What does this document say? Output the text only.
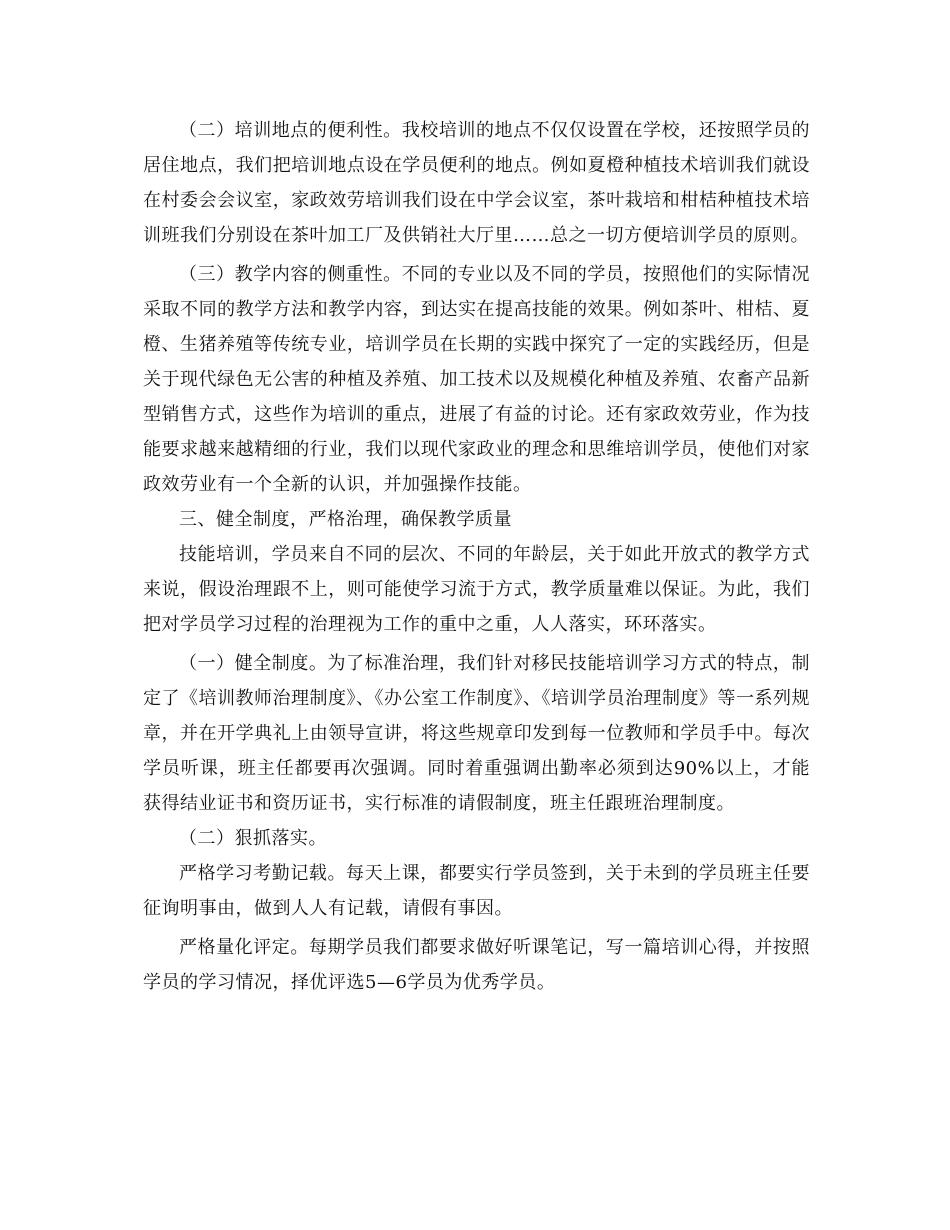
（二）培训地点的便利性。我校培训的地点不仅仅设置在学校，还按照学员的居住地点，我们把培训地点设在学员便利的地点。例如夏橙种植技术培训我们就设在村委会会议室，家政效劳培训我们设在中学会议室，茶叶栽培和柑桔种植技术培训班我们分别设在茶叶加工厂及供销社大厅里……总之一切方便培训学员的原则。

（三）教学内容的侧重性。不同的专业以及不同的学员，按照他们的实际情况采取不同的教学方法和教学内容，到达实在提高技能的效果。例如茶叶、柑桔、夏橙、生猪养殖等传统专业，培训学员在长期的实践中探究了一定的实践经历，但是关于现代绿色无公害的种植及养殖、加工技术以及规模化种植及养殖、农畜产品新型销售方式，这些作为培训的重点，进展了有益的讨论。还有家政效劳业，作为技能要求越来越精细的行业，我们以现代家政业的理念和思维培训学员，使他们对家政效劳业有一个全新的认识，并加强操作技能。

三、健全制度，严格治理，确保教学质量

技能培训，学员来自不同的层次、不同的年龄层，关于如此开放式的教学方式来说，假设治理跟不上，则可能使学习流于方式，教学质量难以保证。为此，我们把对学员学习过程的治理视为工作的重中之重，人人落实，环环落实。

（一）健全制度。为了标准治理，我们针对移民技能培训学习方式的特点，制定了《培训教师治理制度》、《办公室工作制度》、《培训学员治理制度》等一系列规章，并在开学典礼上由领导宣讲，将这些规章印发到每一位教师和学员手中。每次学员听课，班主任都要再次强调。同时着重强调出勤率必须到达90%以上，才能获得结业证书和资历证书，实行标准的请假制度，班主任跟班治理制度。

（二）狠抓落实。

严格学习考勤记载。每天上课，都要实行学员签到，关于未到的学员班主任要征询明事由，做到人人有记载，请假有事因。

严格量化评定。每期学员我们都要求做好听课笔记，写一篇培训心得，并按照学员的学习情况，择优评选5—6学员为优秀学员。
